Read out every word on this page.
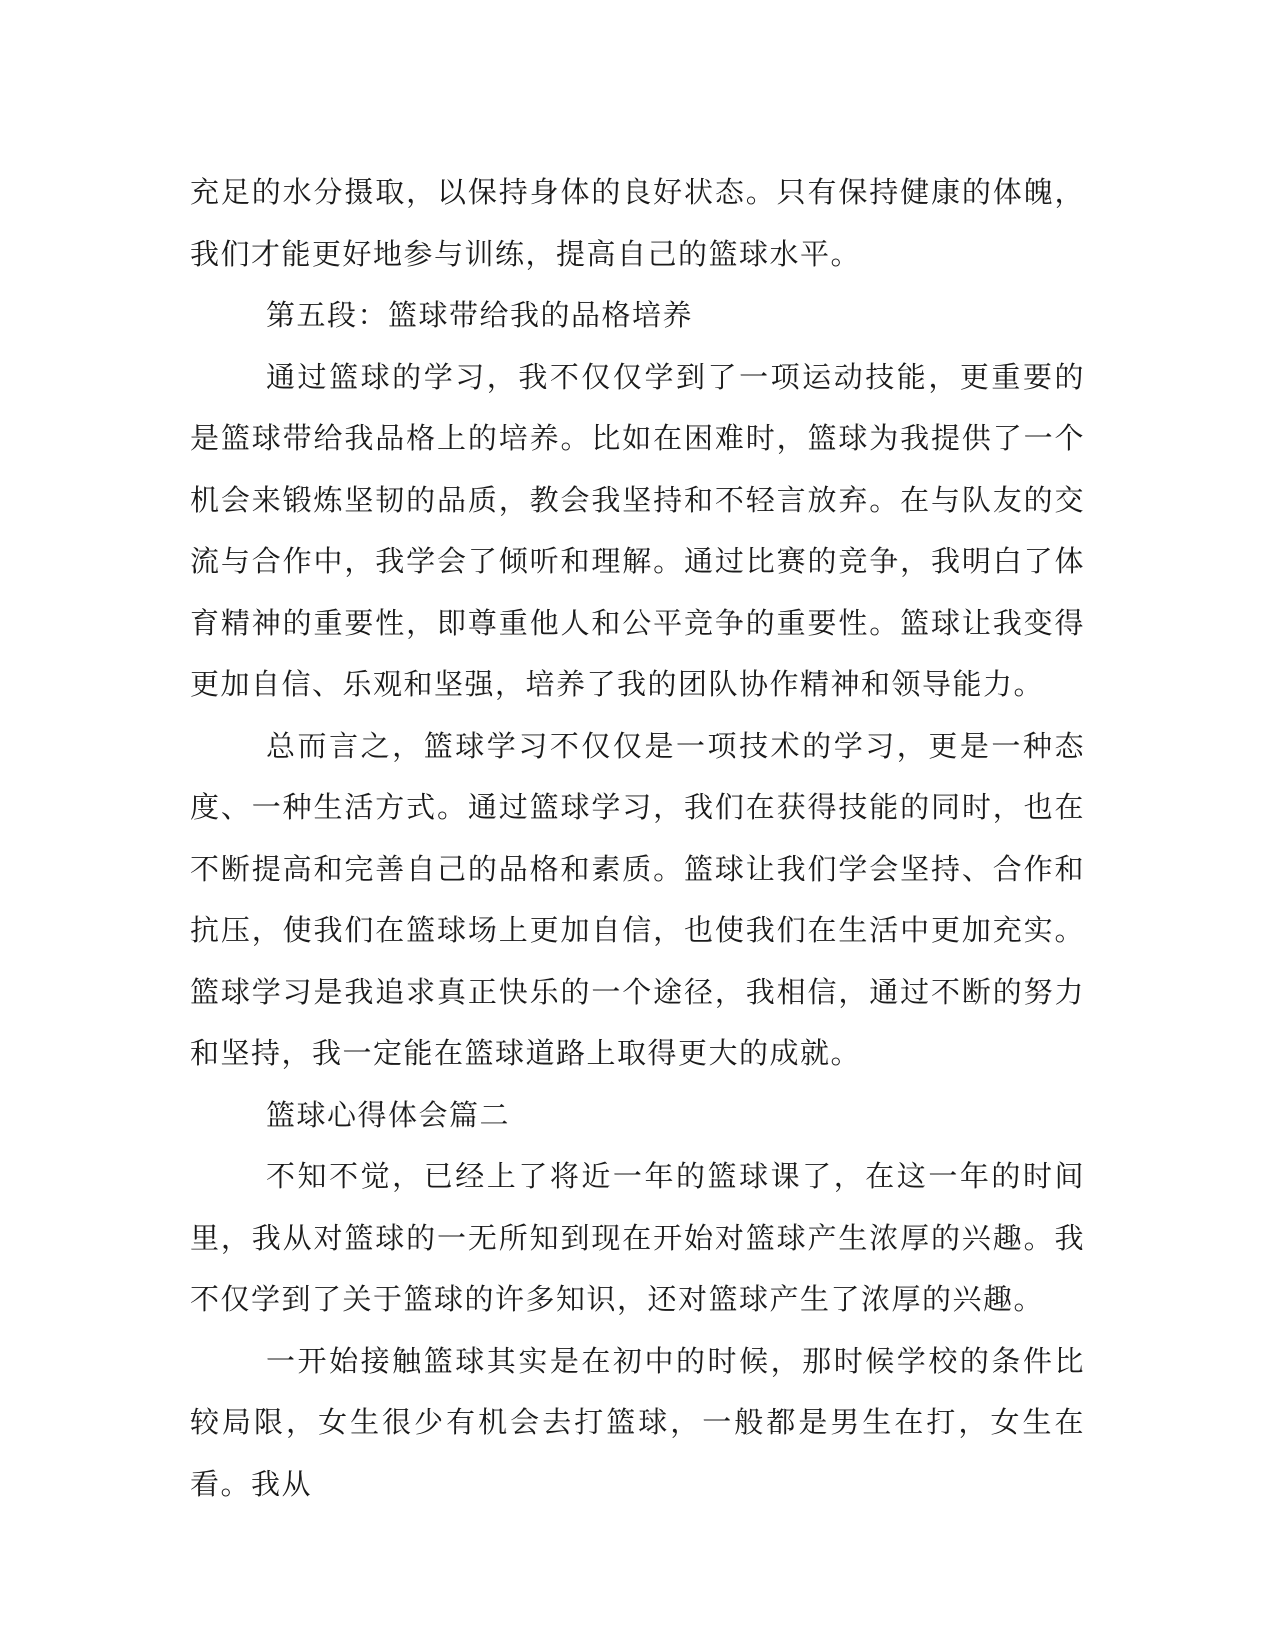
充足的水分摄取，以保持身体的良好状态。只有保持健康的体魄，我们才能更好地参与训练，提高自己的篮球水平。

第五段：篮球带给我的品格培养

通过篮球的学习，我不仅仅学到了一项运动技能，更重要的是篮球带给我品格上的培养。比如在困难时，篮球为我提供了一个机会来锻炼坚韧的品质，教会我坚持和不轻言放弃。在与队友的交流与合作中，我学会了倾听和理解。通过比赛的竞争，我明白了体育精神的重要性，即尊重他人和公平竞争的重要性。篮球让我变得更加自信、乐观和坚强，培养了我的团队协作精神和领导能力。

总而言之，篮球学习不仅仅是一项技术的学习，更是一种态度、一种生活方式。通过篮球学习，我们在获得技能的同时，也在不断提高和完善自己的品格和素质。篮球让我们学会坚持、合作和抗压，使我们在篮球场上更加自信，也使我们在生活中更加充实。篮球学习是我追求真正快乐的一个途径，我相信，通过不断的努力和坚持，我一定能在篮球道路上取得更大的成就。

篮球心得体会篇二

不知不觉，已经上了将近一年的篮球课了，在这一年的时间里，我从对篮球的一无所知到现在开始对篮球产生浓厚的兴趣。我不仅学到了关于篮球的许多知识，还对篮球产生了浓厚的兴趣。

一开始接触篮球其实是在初中的时候，那时候学校的条件比较局限，女生很少有机会去打篮球，一般都是男生在打，女生在看。我从
